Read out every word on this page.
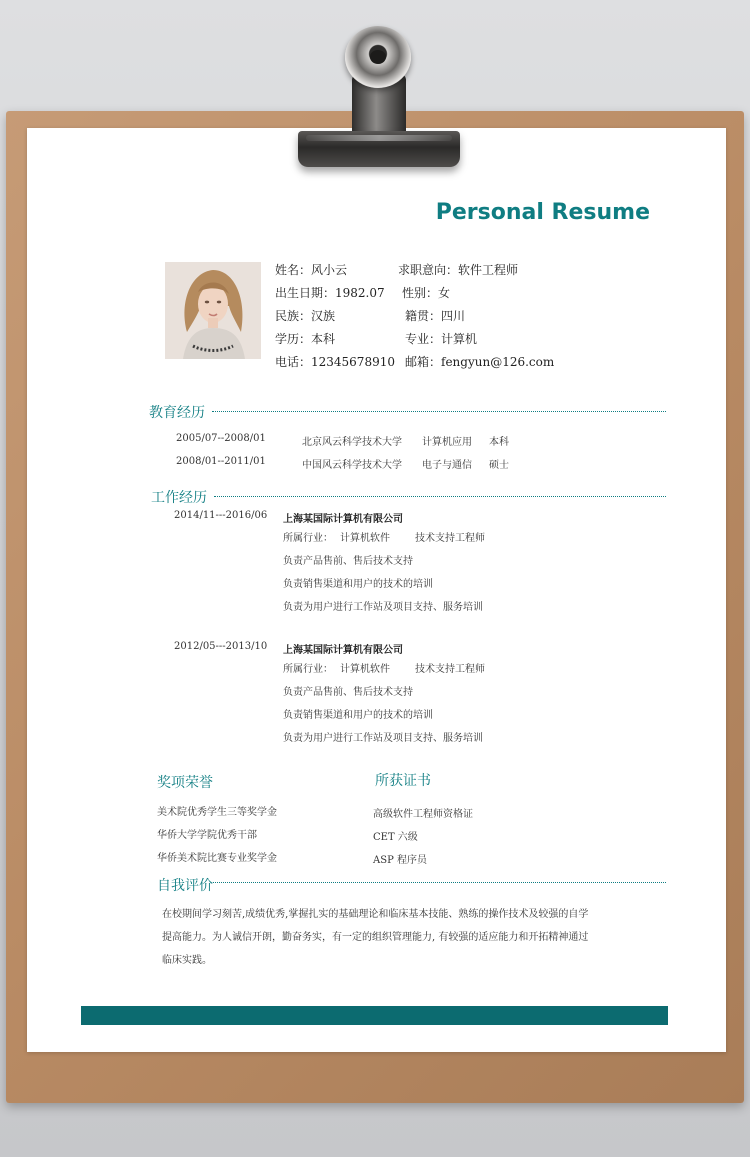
Personal Resume
姓名：风小云	求职意向：软件工程师
出生日期：1982.07 性别：女
民族：汉族	籍贯：四川
学历：本科	专业：计算机
电话：12345678910 邮箱：fengyun@126.com
教育经历
2005/07--2008/01	北京风云科学技术大学 计算机应用 本科
2008/01--2011/01	中国风云科学技术大学 电子与通信 硕士
工作经历
2014/11---2016/06 上海某国际计算机有限公司
所属行业： 计算机软件	技术支持工程师
负责产品售前、售后技术支持
负责销售渠道和用户的技术的培训
负责为用户进行工作站及项目支持、服务培训
2012/05---2013/10 上海某国际计算机有限公司
所属行业： 计算机软件	技术支持工程师
负责产品售前、售后技术支持
负责销售渠道和用户的技术的培训
负责为用户进行工作站及项目支持、服务培训
奖项荣誉
美术院优秀学生三等奖学金
华侨大学学院优秀干部
华侨美术院比赛专业奖学金
所获证书
高级软件工程师资格证
CET 六级
ASP 程序员
自我评价
在校期间学习刻苦,成绩优秀,掌握扎实的基础理论和临床基本技能、熟练的操作技术及较强的自学
提高能力。为人诚信开朗，勤奋务实，有一定的组织管理能力, 有较强的适应能力和开拓精神通过
临床实践。
